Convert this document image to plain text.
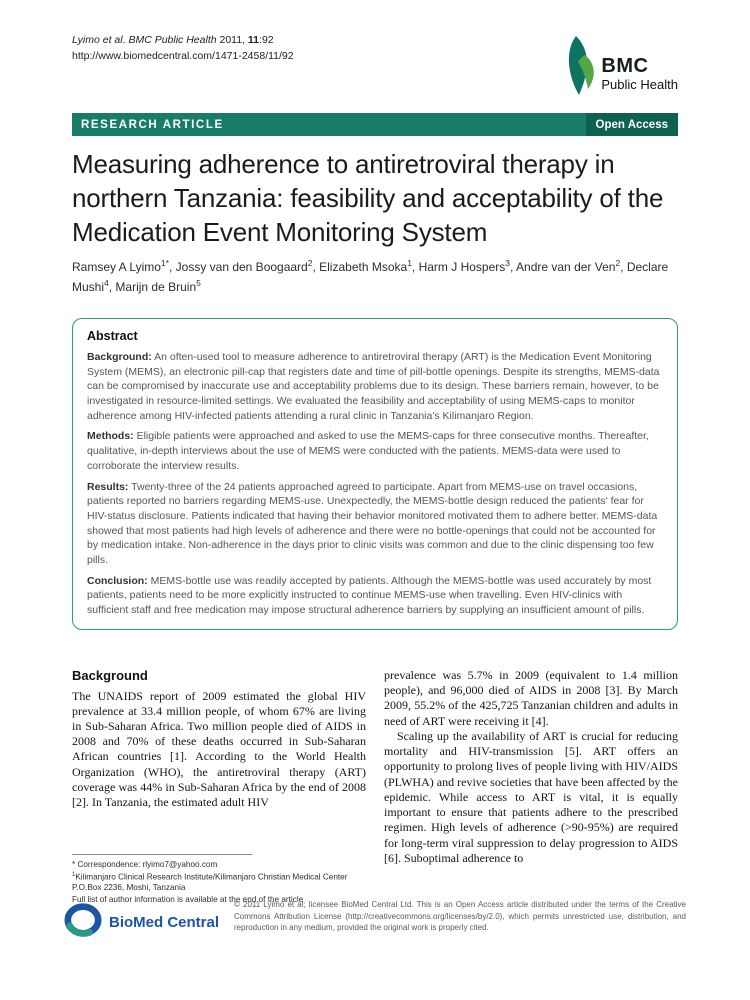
Lyimo et al. BMC Public Health 2011, 11:92

http://www.biomedcentral.com/1471-2458/11/92	BMC
Public Health
RESEARCH ARTICLE	Open Access
Measuring adherence to antiretroviral therapy in northern Tanzania: feasibility and acceptability of the Medication Event Monitoring System

Ramsey A Lyimo$^{1*}$, Jossy van den Boogaard$^2$, Elizabeth Msoka$^1$, Harm J Hospers$^3$, Andre van der Ven$^2$, Declare Mushi$^4$, Marijn de Bruin$^5$

Abstract

Background: An often-used tool to measure adherence to antiretroviral therapy (ART) is the Medication Event Monitoring System (MEMS), an electronic pill-cap that registers date and time of pill-bottle openings. Despite its strengths, MEMS-data can be compromised by inaccurate use and acceptability problems due to its design. These barriers remain, however, to be investigated in resource-limited settings. We evaluated the feasibility and acceptability of using MEMS-caps to monitor adherence among HIV-infected patients attending a rural clinic in Tanzania's Kilimanjaro Region.

Methods: Eligible patients were approached and asked to use the MEMS-caps for three consecutive months. Thereafter, qualitative, in-depth interviews about the use of MEMS were conducted with the patients. MEMS-data were used to corroborate the interview results.

Results: Twenty-three of the 24 patients approached agreed to participate. Apart from MEMS-use on travel occasions, patients reported no barriers regarding MEMS-use. Unexpectedly, the MEMS-bottle design reduced the patients' fear for HIV-status disclosure. Patients indicated that having their behavior monitored motivated them to adhere better. MEMS-data showed that most patients had high levels of adherence and there were no bottle-openings that could not be accounted for by medication intake. Non-adherence in the days prior to clinic visits was common and due to the clinic dispensing too few pills.

Conclusion: MEMS-bottle use was readily accepted by patients. Although the MEMS-bottle was used accurately by most patients, patients need to be more explicitly instructed to continue MEMS-use when travelling. Even HIV-clinics with sufficient staff and free medication may impose structural adherence barriers by supplying an insufficient amount of pills.

Background

The UNAIDS report of 2009 estimated the global HIV prevalence at 33.4 million people, of whom 67% are living in Sub-Saharan Africa. Two million people died of AIDS in 2008 and 70% of these deaths occurred in Sub-Saharan African countries [1]. According to the World Health Organization (WHO), the antiretroviral therapy (ART) coverage was 44% in Sub-Saharan Africa by the end of 2008 [2]. In Tanzania, the estimated adult HIV

prevalence was 5.7% in 2009 (equivalent to 1.4 million people), and 96,000 died of AIDS in 2008 [3]. By March 2009, 55.2% of the 425,725 Tanzanian children and adults in need of ART were receiving it [4].

Scaling up the availability of ART is crucial for reducing mortality and HIV-transmission [5]. ART offers an opportunity to prolong lives of people living with HIV/AIDS (PLWHA) and revive societies that have been affected by the epidemic. While access to ART is vital, it is equally important to ensure that patients adhere to the prescribed regimen. High levels of adherence (>90-95%) are required for long-term viral suppression to delay progression to AIDS [6]. Suboptimal adherence to

* Correspondence: rlyimo7@yahoo.com

$^1$Kilimanjaro Clinical Research Institute/Kilimanjaro Christian Medical Center P.O.Box 2236, Moshi, Tanzania

Full list of author information is available at the end of the article

BioMed Central

© 2011 Lyimo et al; licensee BioMed Central Ltd. This is an Open Access article distributed under the terms of the Creative Commons Attribution License (http://creativecommons.org/licenses/by/2.0), which permits unrestricted use, distribution, and reproduction in any medium, provided the original work is properly cited.
